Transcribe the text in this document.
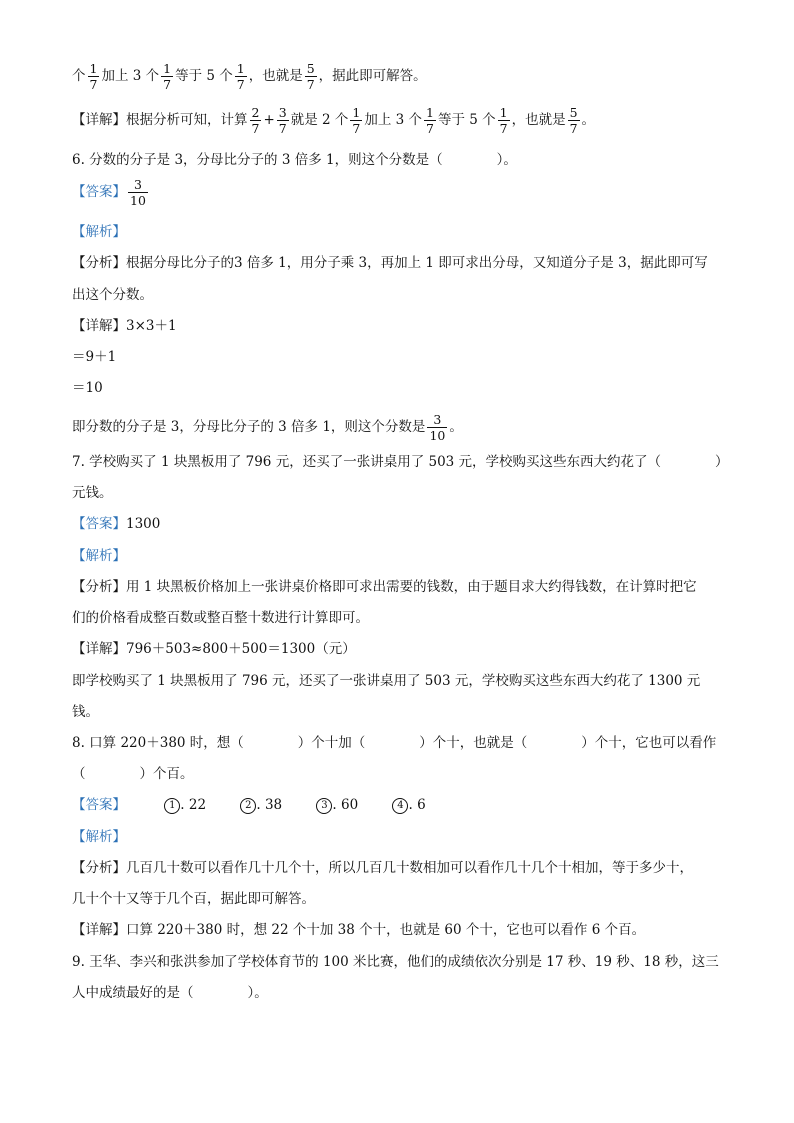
个 $\frac{1}{7}$ 加上 3 个 $\frac{1}{7}$ 等于 5 个 $\frac{1}{7}$ ，也就是 $\frac{5}{7}$ ，据此即可解答。
【详解】根据分析可知，计算 $\frac{2}{7} + \frac{3}{7}$ 就是 2 个 $\frac{1}{7}$ 加上 3 个 $\frac{1}{7}$ 等于 5 个 $\frac{1}{7}$ ，也就是 $\frac{5}{7}$ 。
6. 分数的分子是 3，分母比分子的 3 倍多 1，则这个分数是（　　　　）。
【答案】 $\frac{3}{10}$
【解析】
【分析】根据分母比分子的3 倍多 1，用分子乘 3，再加上 1 即可求出分母，又知道分子是 3，据此即可写
出这个分数。
【详解】3×3＋1
＝9＋1
＝10
即分数的分子是 3，分母比分子的 3 倍多 1，则这个分数是 $\frac{3}{10}$ 。
7. 学校购买了 1 块黑板用了 796 元，还买了一张讲桌用了 503 元，学校购买这些东西大约花了（　　　　）
元钱。
【答案】1300
【解析】
【分析】用 1 块黑板价格加上一张讲桌价格即可求出需要的钱数，由于题目求大约得钱数，在计算时把它
们的价格看成整百数或整百整十数进行计算即可。
【详解】796＋503≈800＋500＝1300（元）
即学校购买了 1 块黑板用了 796 元，还买了一张讲桌用了 503 元，学校购买这些东西大约花了 1300 元
钱。
8. 口算 220＋380 时，想（　　　　）个十加（　　　　）个十，也就是（　　　　）个十，它也可以看作
（　　　　）个百。
【答案】	1 . 22	2 . 38	3 . 60	4 . 6
【解析】
【分析】几百几十数可以看作几十几个十，所以几百几十数相加可以看作几十几个十相加，等于多少十，
几十个十又等于几个百，据此即可解答。
【详解】口算 220＋380 时，想 22 个十加 38 个十，也就是 60 个十，它也可以看作 6 个百。
9. 王华、李兴和张洪参加了学校体育节的 100 米比赛，他们的成绩依次分别是 17 秒、19 秒、18 秒，这三
人中成绩最好的是（　　　　）。
